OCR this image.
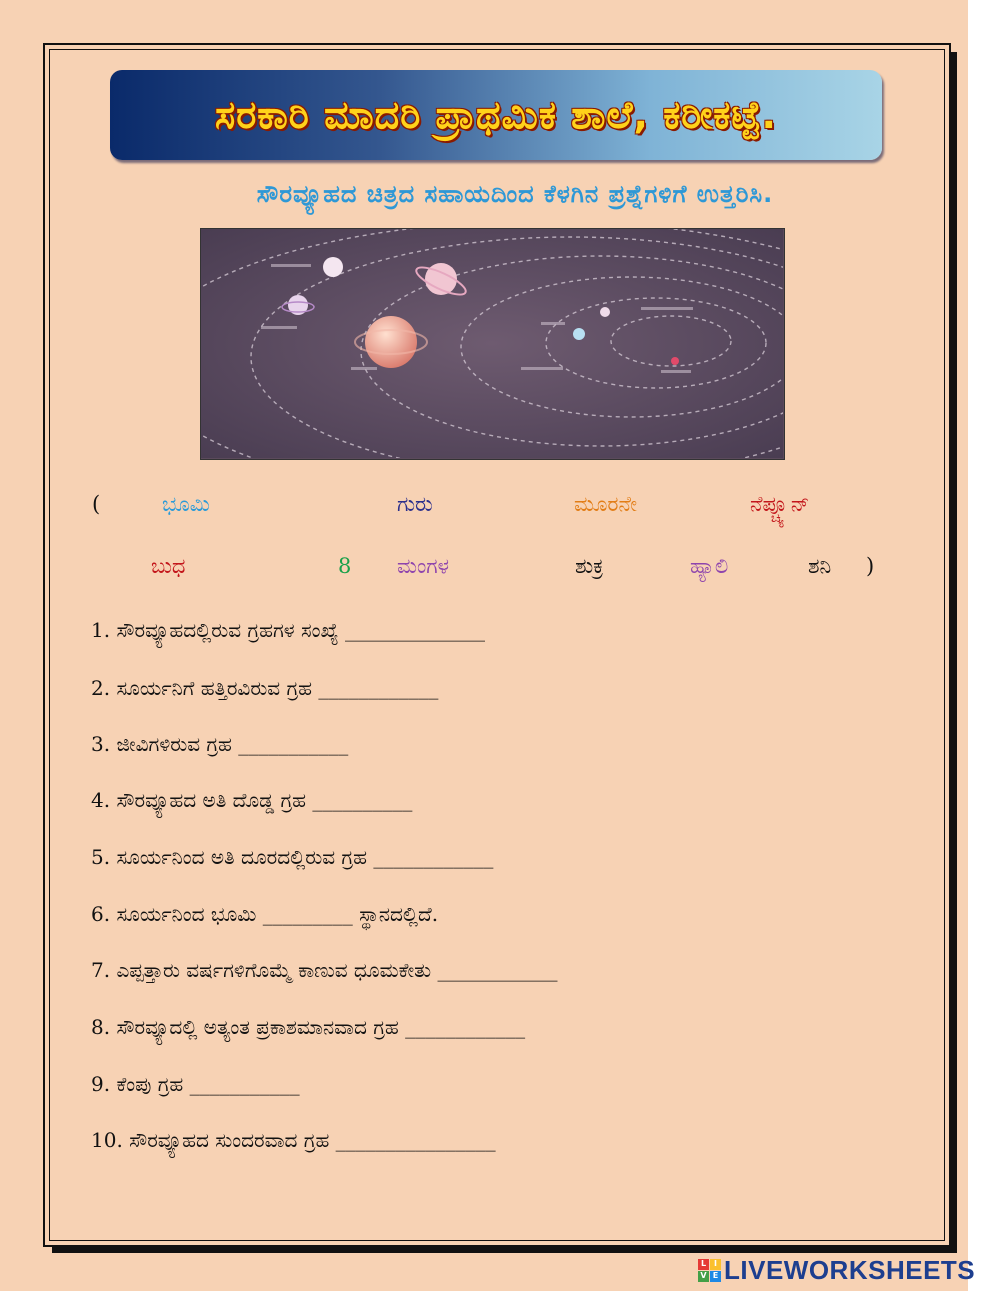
ಸರಕಾರಿ ಮಾದರಿ ಪ್ರಾಥಮಿಕ ಶಾಲೆ, ಕರೀಕಟ್ಟೆ.
ಸೌರವ್ಯೂಹದ ಚಿತ್ರದ ಸಹಾಯದಿಂದ ಕೆಳಗಿನ ಪ್ರಶ್ನೆಗಳಿಗೆ ಉತ್ತರಿಸಿ.
(	ಭೂಮಿ	ಗುರು	ಮೂರನೇ	ನೆಪ್ಚ್ಯೂನ್
ಬುಧ	8 ಮಂಗಳ	ಶುಕ್ರ	ಹ್ಯಾಲಿ	ಶನಿ )
1. ಸೌರವ್ಯೂಹದಲ್ಲಿರುವ ಗ್ರಹಗಳ ಸಂಖ್ಯೆ ______________
2. ಸೂರ್ಯನಿಗೆ ಹತ್ತಿರವಿರುವ ಗ್ರಹ ____________
3. ಜೀವಿಗಳಿರುವ ಗ್ರಹ ___________
4. ಸೌರವ್ಯೂಹದ ಅತಿ ದೊಡ್ಡ ಗ್ರಹ __________
5. ಸೂರ್ಯನಿಂದ ಅತಿ ದೂರದಲ್ಲಿರುವ ಗ್ರಹ ____________
6. ಸೂರ್ಯನಿಂದ ಭೂಮಿ _________ ಸ್ಥಾನದಲ್ಲಿದೆ.
7. ಎಪ್ಪತ್ತಾರು ವರ್ಷಗಳಿಗೊಮ್ಮೆ ಕಾಣುವ ಧೂಮಕೇತು ____________
8. ಸೌರವ್ಯೂದಲ್ಲಿ ಅತ್ಯಂತ ಪ್ರಕಾಶಮಾನವಾದ ಗ್ರಹ ____________
9. ಕೆಂಪು ಗ್ರಹ ___________
10. ಸೌರವ್ಯೂಹದ ಸುಂದರವಾದ ಗ್ರಹ ________________
L I
V E LIVEWORKSHEETS
